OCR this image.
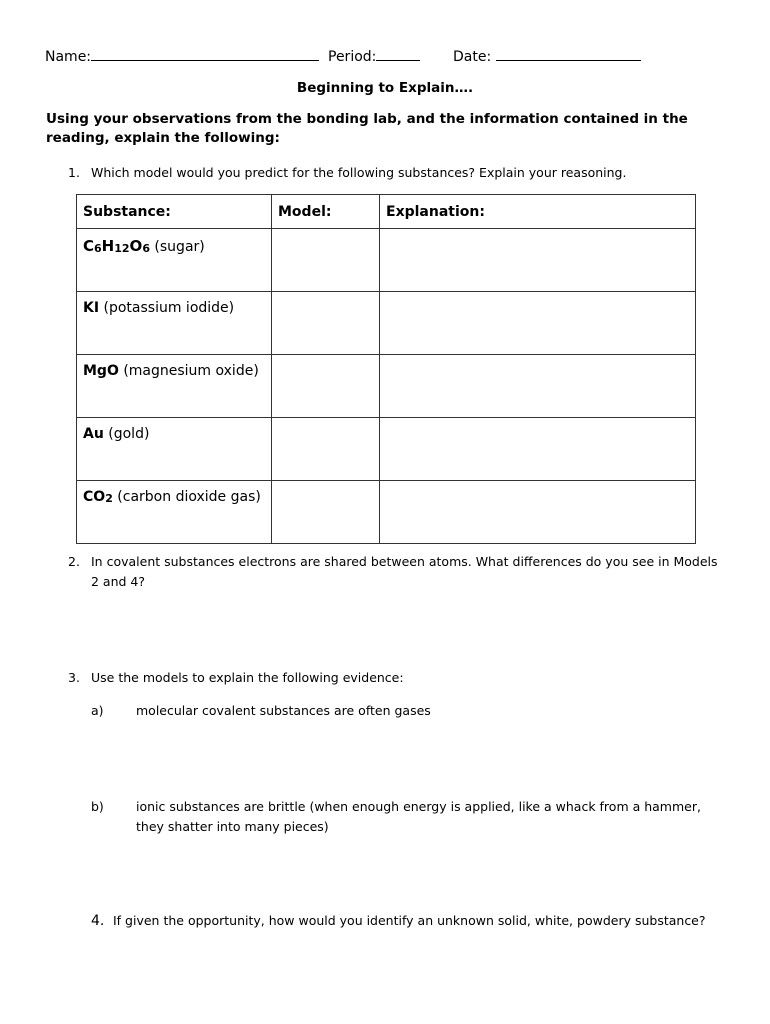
Name:	Period:	Date:
Beginning to Explain….
Using your observations from the bonding lab, and the information contained in the reading, explain the following:
1. Which model would you predict for the following substances? Explain your reasoning.
Substance:	Model:	Explanation:
$C_6H_{12}O_6$ (sugar)		
KI (potassium iodide)		
MgO (magnesium oxide)		
Au (gold)		
$CO_2$ (carbon dioxide gas)		
2. In covalent substances electrons are shared between atoms. What differences do you see in Models
2 and 4?
3. Use the models to explain the following evidence:
a)	molecular covalent substances are often gases
b)	ionic substances are brittle (when enough energy is applied, like a whack from a hammer,
they shatter into many pieces)
4. If given the opportunity, how would you identify an unknown solid, white, powdery substance?
